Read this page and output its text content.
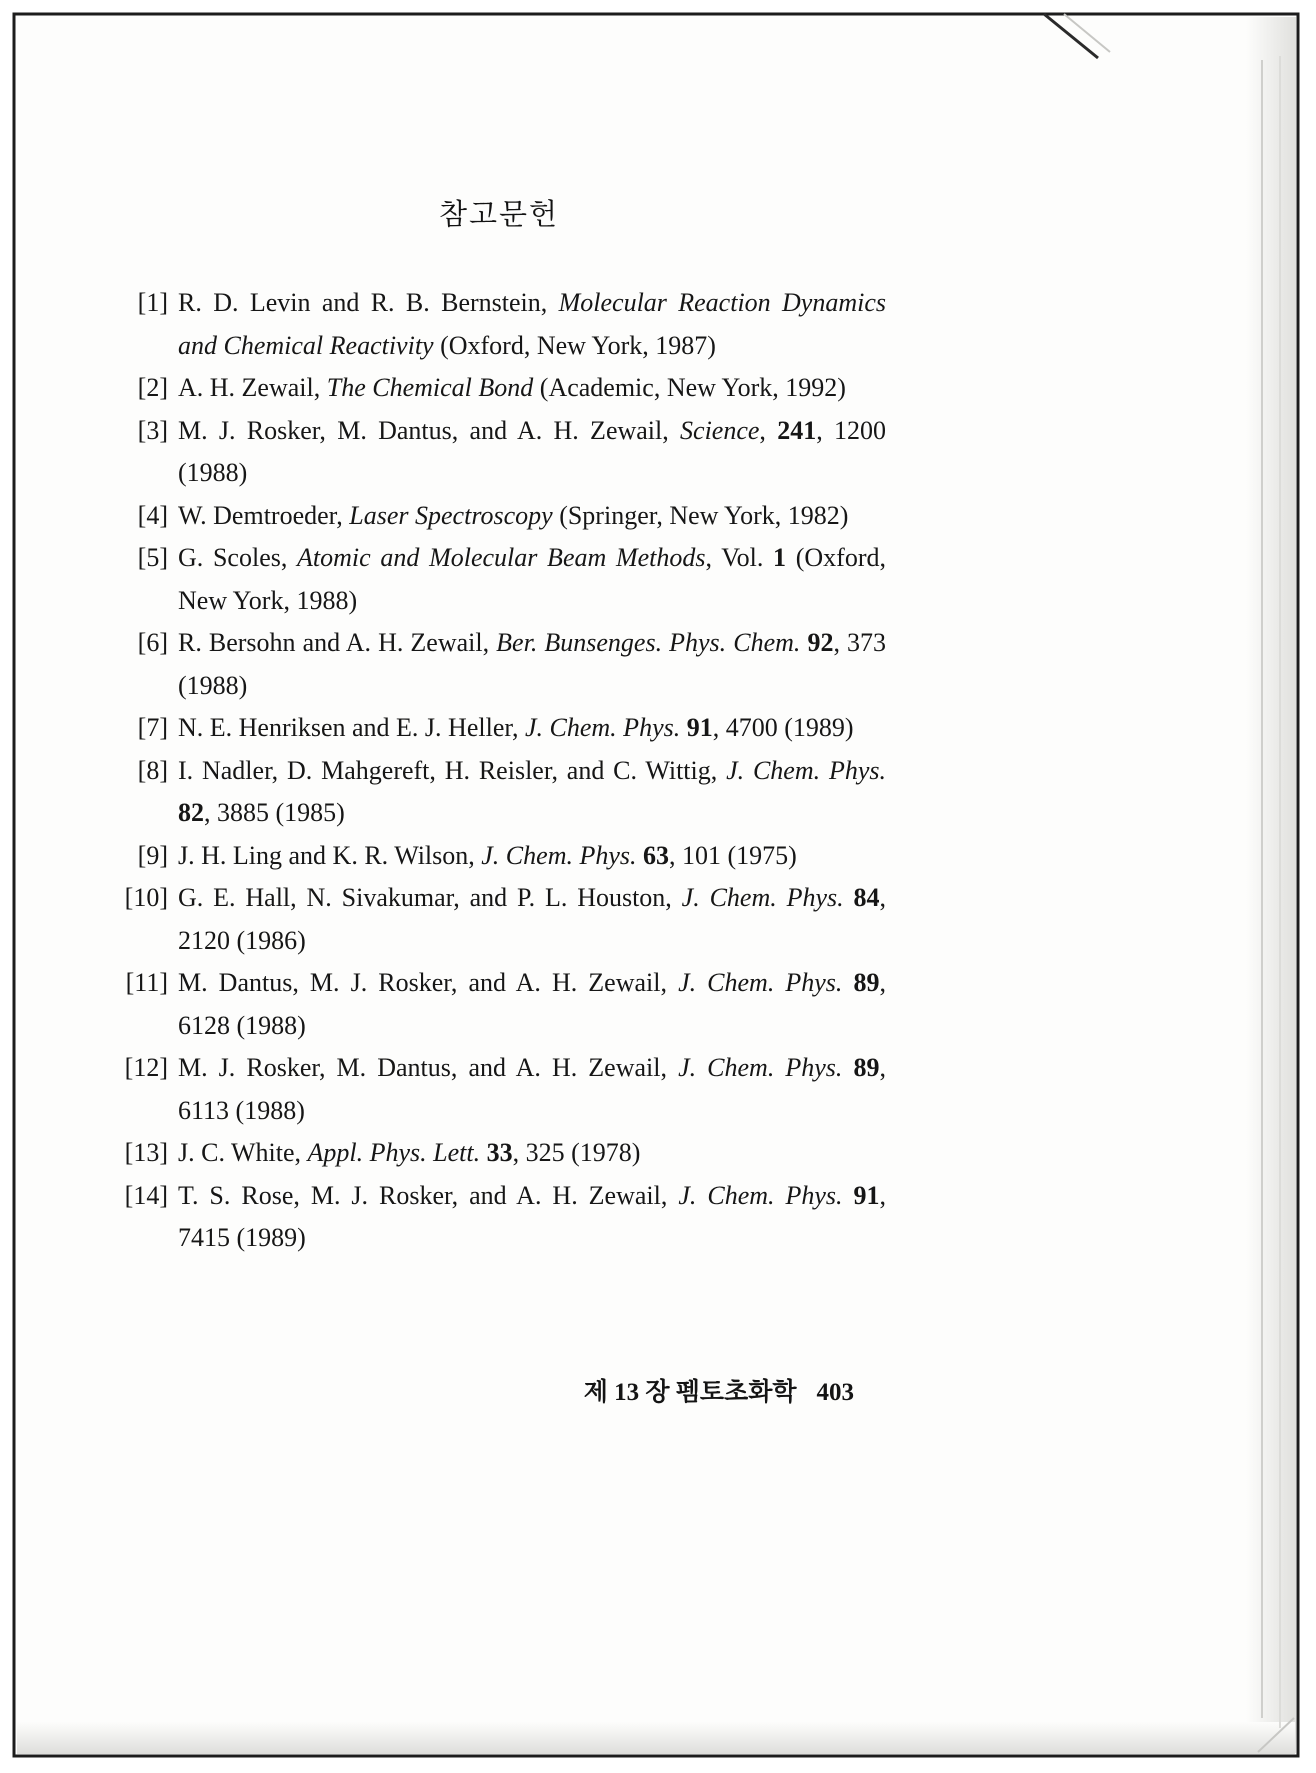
참고문헌
[1] R. D. Levin and R. B. Bernstein, Molecular Reaction Dynamics and Chemical Reactivity (Oxford, New York, 1987)
[2] A. H. Zewail, The Chemical Bond (Academic, New York, 1992)
[3] M. J. Rosker, M. Dantus, and A. H. Zewail, Science, 241, 1200 (1988)
[4] W. Demtroeder, Laser Spectroscopy (Springer, New York, 1982)
[5] G. Scoles, Atomic and Molecular Beam Methods, Vol. 1 (Oxford, New York, 1988)
[6] R. Bersohn and A. H. Zewail, Ber. Bunsenges. Phys. Chem. 92, 373 (1988)
[7] N. E. Henriksen and E. J. Heller, J. Chem. Phys. 91, 4700 (1989)
[8] I. Nadler, D. Mahgereft, H. Reisler, and C. Wittig, J. Chem. Phys. 82, 3885 (1985)
[9] J. H. Ling and K. R. Wilson, J. Chem. Phys. 63, 101 (1975)
[10] G. E. Hall, N. Sivakumar, and P. L. Houston, J. Chem. Phys. 84, 2120 (1986)
[11] M. Dantus, M. J. Rosker, and A. H. Zewail, J. Chem. Phys. 89, 6128 (1988)
[12] M. J. Rosker, M. Dantus, and A. H. Zewail, J. Chem. Phys. 89, 6113 (1988)
[13] J. C. White, Appl. Phys. Lett. 33, 325 (1978)
[14] T. S. Rose, M. J. Rosker, and A. H. Zewail, J. Chem. Phys. 91, 7415 (1989)
제 13 장 펨토초화학 403
